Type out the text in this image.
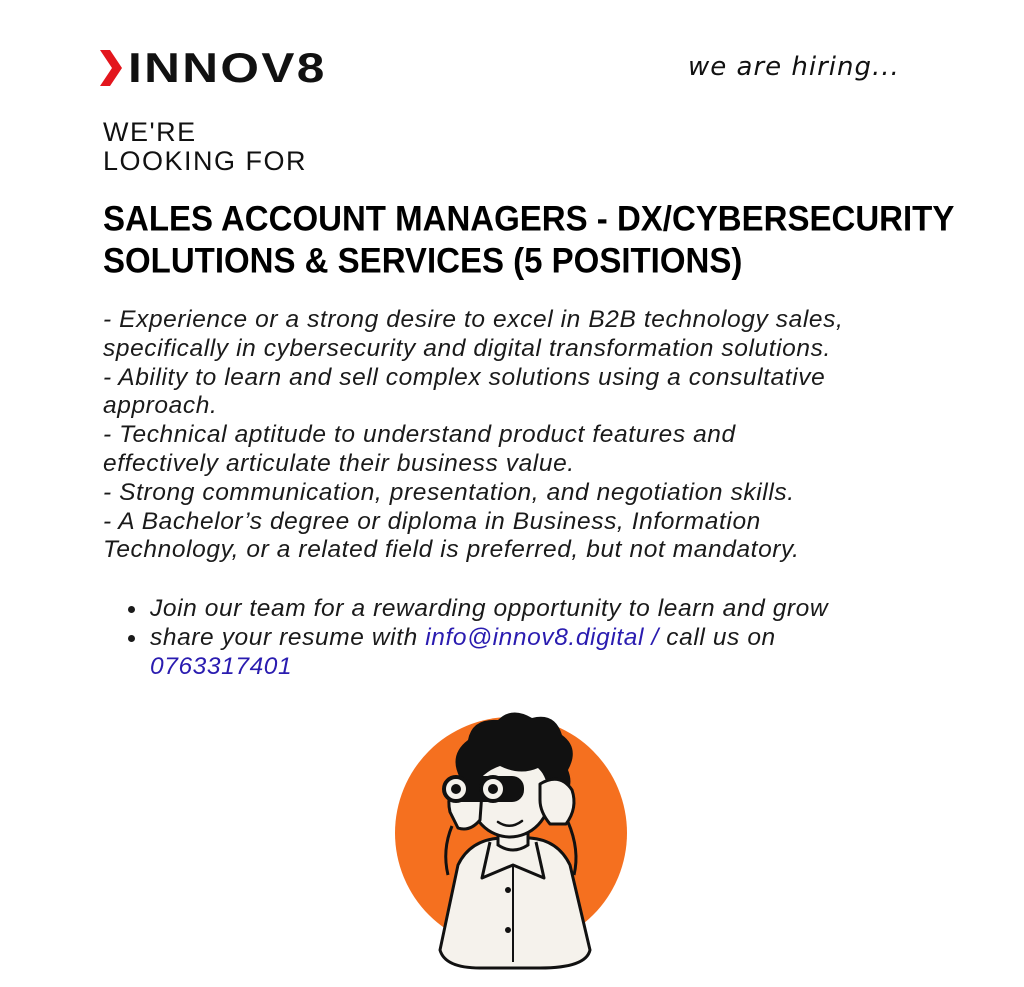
INNOV8	we are hiring...
WE'RE
LOOKING FOR
SALES ACCOUNT MANAGERS - DX/CYBERSECURITY
SOLUTIONS & SERVICES (5 POSITIONS)
- Experience or a strong desire to excel in B2B technology sales,
specifically in cybersecurity and digital transformation solutions.
- Ability to learn and sell complex solutions using a consultative
approach.
- Technical aptitude to understand product features and
effectively articulate their business value.
- Strong communication, presentation, and negotiation skills.
- A Bachelor’s degree or diploma in Business, Information
Technology, or a related field is preferred, but not mandatory.
Join our team for a rewarding opportunity to learn and grow
share your resume with info@innov8.digital / call us on
0763317401
